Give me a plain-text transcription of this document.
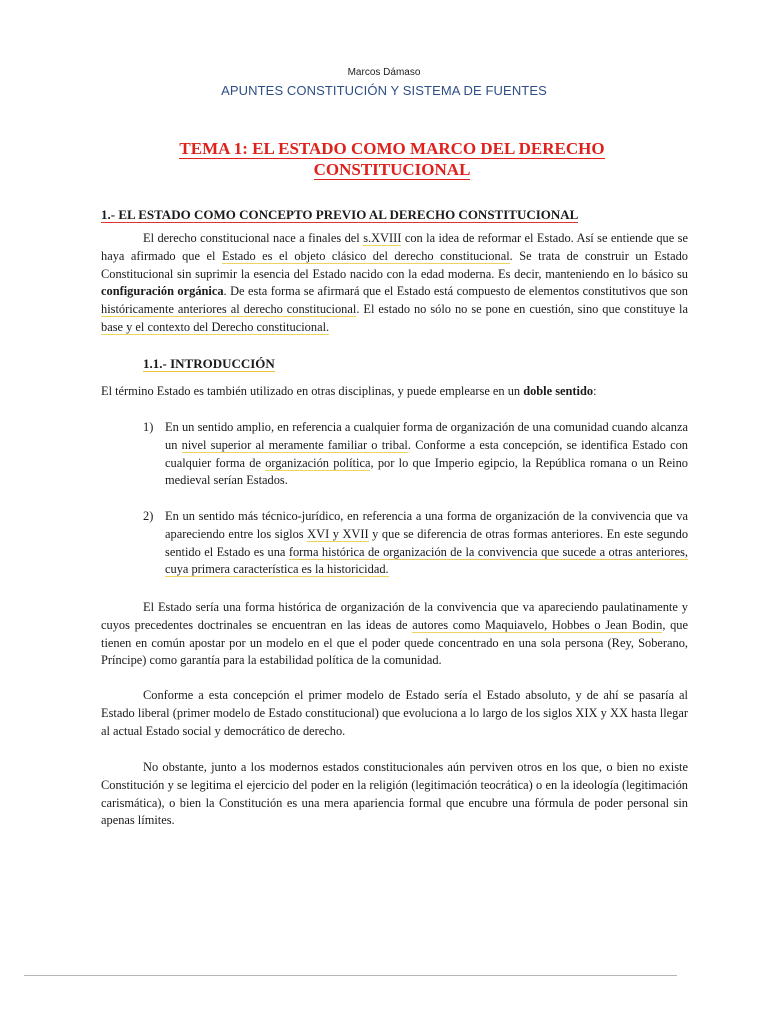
Marcos Dámaso
APUNTES CONSTITUCIÓN Y SISTEMA DE FUENTES
TEMA 1: EL ESTADO COMO MARCO DEL DERECHO
CONSTITUCIONAL
1.- EL ESTADO COMO CONCEPTO PREVIO AL DERECHO CONSTITUCIONAL

El derecho constitucional nace a finales del s.XVIII con la idea de reformar el Estado. Así se entiende que se haya afirmado que el Estado es el objeto clásico del derecho constitucional. Se trata de construir un Estado Constitucional sin suprimir la esencia del Estado nacido con la edad moderna. Es decir, manteniendo en lo básico su configuración orgánica. De esta forma se afirmará que el Estado está compuesto de elementos constitutivos que son históricamente anteriores al derecho constitucional. El estado no sólo no se pone en cuestión, sino que constituye la base y el contexto del Derecho constitucional.

1.1.- INTRODUCCIÓN

El término Estado es también utilizado en otras disciplinas, y puede emplearse en un doble sentido:

1) En un sentido amplio, en referencia a cualquier forma de organización de una comunidad cuando alcanza un nivel superior al meramente familiar o tribal. Conforme a esta concepción, se identifica Estado con cualquier forma de organización política, por lo que Imperio egipcio, la República romana o un Reino medieval serían Estados.

2) En un sentido más técnico-jurídico, en referencia a una forma de organización de la convivencia que va apareciendo entre los siglos XVI y XVII y que se diferencia de otras formas anteriores. En este segundo sentido el Estado es una forma histórica de organización de la convivencia que sucede a otras anteriores, cuya primera característica es la historicidad.

El Estado sería una forma histórica de organización de la convivencia que va apareciendo paulatinamente y cuyos precedentes doctrinales se encuentran en las ideas de autores como Maquiavelo, Hobbes o Jean Bodin, que tienen en común apostar por un modelo en el que el poder quede concentrado en una sola persona (Rey, Soberano, Príncipe) como garantía para la estabilidad política de la comunidad.

Conforme a esta concepción el primer modelo de Estado sería el Estado absoluto, y de ahí se pasaría al Estado liberal (primer modelo de Estado constitucional) que evoluciona a lo largo de los siglos XIX y XX hasta llegar al actual Estado social y democrático de derecho.

No obstante, junto a los modernos estados constitucionales aún perviven otros en los que, o bien no existe Constitución y se legitima el ejercicio del poder en la religión (legitimación teocrática) o en la ideología (legitimación carismática), o bien la Constitución es una mera apariencia formal que encubre una fórmula de poder personal sin apenas límites.
